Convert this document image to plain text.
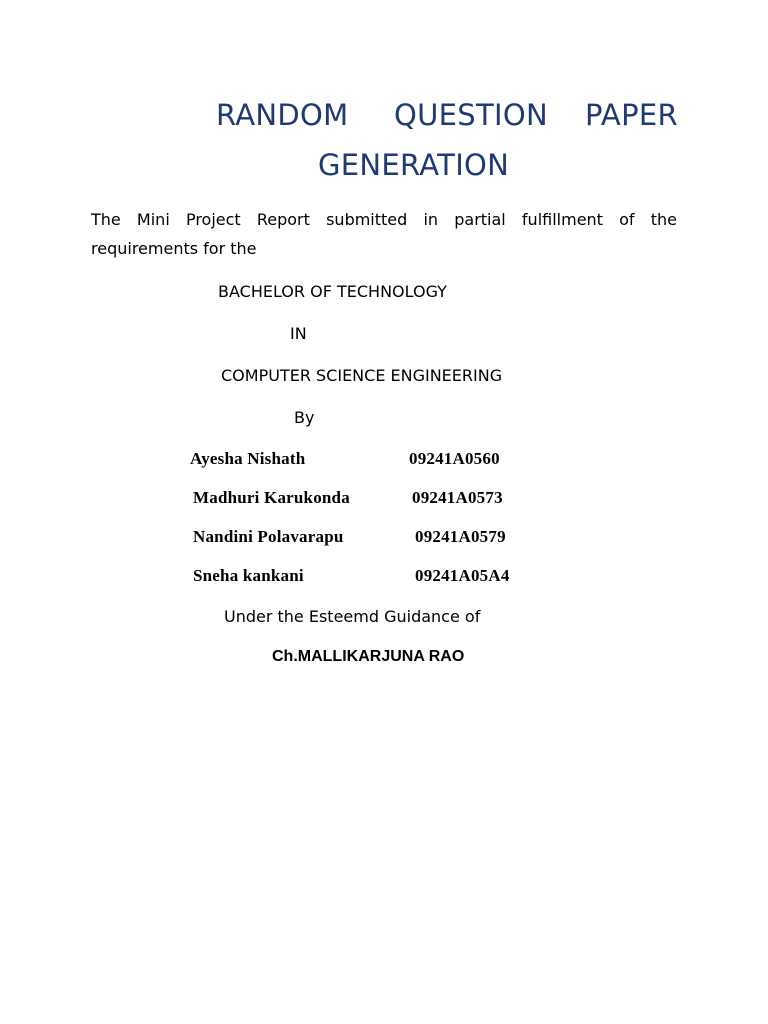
RANDOM QUESTION PAPER
GENERATION
The Mini Project Report submitted in partial fulfillment of the
requirements for the
BACHELOR OF TECHNOLOGY
IN
COMPUTER SCIENCE ENGINEERING
By
Ayesha Nishath	09241A0560
Madhuri Karukonda	09241A0573
Nandini Polavarapu	09241A0579
Sneha kankani	09241A05A4
Under the Esteemd Guidance of
Ch.MALLIKARJUNA RAO
